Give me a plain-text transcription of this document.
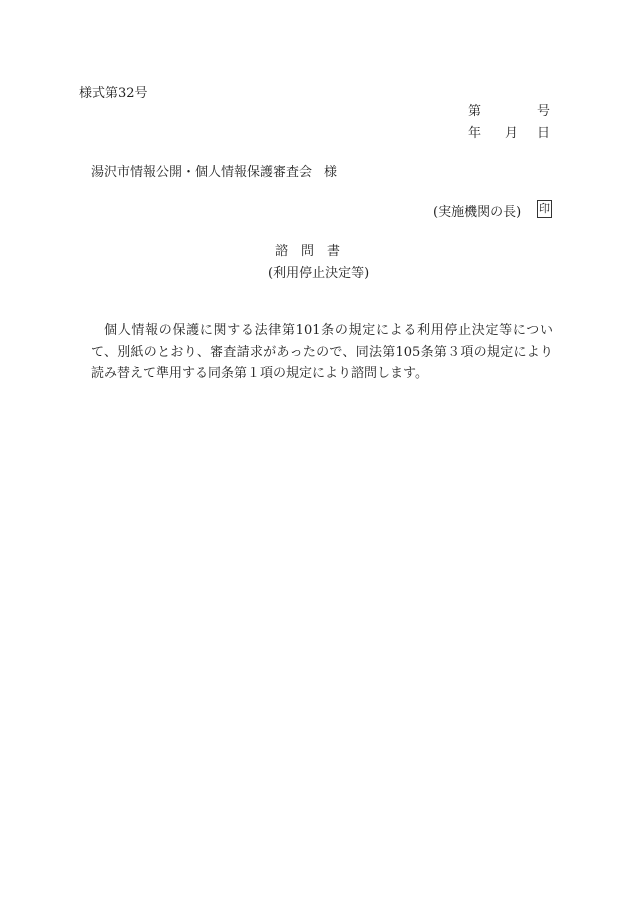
様式第32号
第	号
年 月 日
湯沢市情報公開・個人情報保護審査会 様
(実施機関の長) 印
諮 問 書
(利用停止決定等)
個人情報の保護に関する法律第101条の規定による利用停止決定等について、別紙のとおり、審査請求があったので、同法第105条第３項の規定により読み替えて準用する同条第１項の規定により諮問します。
